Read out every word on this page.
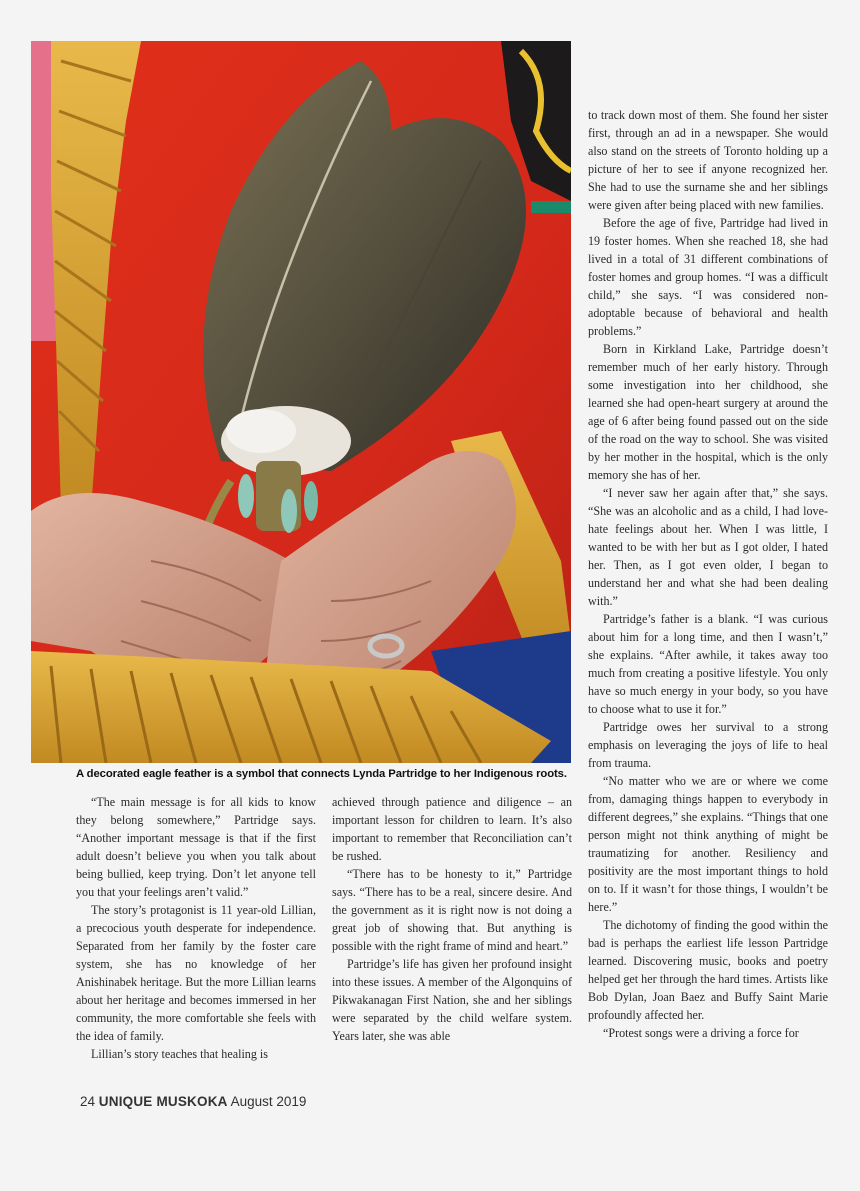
A decorated eagle feather is a symbol that connects Lynda Partridge to her Indigenous roots.

“The main message is for all kids to know they belong somewhere,” Partridge says. “Another important message is that if the first adult doesn’t believe you when you talk about being bullied, keep trying. Don’t let anyone tell you that your feelings aren’t valid.”

The story’s protagonist is 11 year-old Lillian, a precocious youth desperate for independence. Separated from her family by the foster care system, she has no knowledge of her Anishinabek heritage. But the more Lillian learns about her heritage and becomes immersed in her community, the more comfortable she feels with the idea of family.

Lillian’s story teaches that healing is

achieved through patience and diligence – an important lesson for children to learn. It’s also important to remember that Reconciliation can’t be rushed.

“There has to be honesty to it,” Partridge says. “There has to be a real, sincere desire. And the government as it is right now is not doing a great job of showing that. But anything is possible with the right frame of mind and heart.”

Partridge’s life has given her profound insight into these issues. A member of the Algonquins of Pikwakanagan First Nation, she and her siblings were separated by the child welfare system. Years later, she was able

to track down most of them. She found her sister first, through an ad in a newspaper. She would also stand on the streets of Toronto holding up a picture of her to see if anyone recognized her. She had to use the surname she and her siblings were given after being placed with new families.

Before the age of five, Partridge had lived in 19 foster homes. When she reached 18, she had lived in a total of 31 different combinations of foster homes and group homes. “I was a difficult child,” she says. “I was considered non-adoptable because of behavioral and health problems.”

Born in Kirkland Lake, Partridge doesn’t remember much of her early history. Through some investigation into her childhood, she learned she had open-heart surgery at around the age of 6 after being found passed out on the side of the road on the way to school. She was visited by her mother in the hospital, which is the only memory she has of her.

“I never saw her again after that,” she says. “She was an alcoholic and as a child, I had love-hate feelings about her. When I was little, I wanted to be with her but as I got older, I hated her. Then, as I got even older, I began to understand her and what she had been dealing with.”

Partridge’s father is a blank. “I was curious about him for a long time, and then I wasn’t,” she explains. “After awhile, it takes away too much from creating a positive lifestyle. You only have so much energy in your body, so you have to choose what to use it for.”

Partridge owes her survival to a strong emphasis on leveraging the joys of life to heal from trauma.

“No matter who we are or where we come from, damaging things happen to everybody in different degrees,” she explains. “Things that one person might not think anything of might be traumatizing for another. Resiliency and positivity are the most important things to hold on to. If it wasn’t for those things, I wouldn’t be here.”

The dichotomy of finding the good within the bad is perhaps the earliest life lesson Partridge learned. Discovering music, books and poetry helped get her through the hard times. Artists like Bob Dylan, Joan Baez and Buffy Saint Marie profoundly affected her.

“Protest songs were a driving a force for

24 UNIQUE MUSKOKA August 2019
